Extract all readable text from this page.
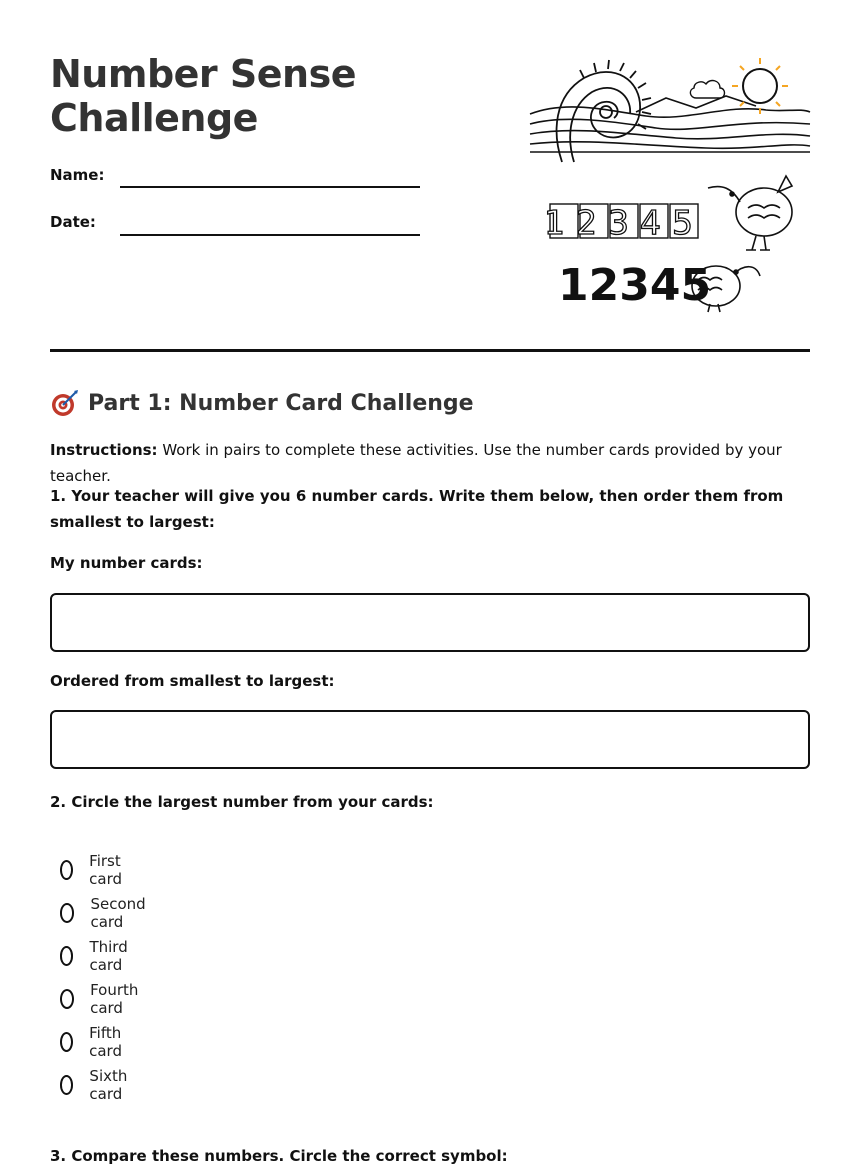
Number Sense Challenge
Name:
Date:	12345
12345
Part 1: Number Card Challenge
Instructions: Work in pairs to complete these activities. Use the number cards provided by your teacher.
1. Your teacher will give you 6 number cards. Write them below, then order them from smallest to largest:
My number cards:
Ordered from smallest to largest:
2. Circle the largest number from your cards:
First card
Second card
Third card
Fourth card
Fifth card
Sixth card
3. Compare these numbers. Circle the correct symbol:
